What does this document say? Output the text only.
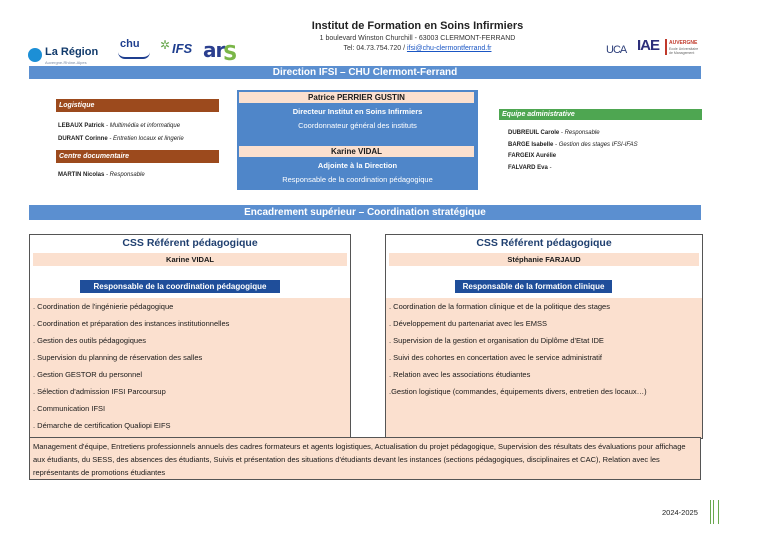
La Région
Auvergne-Rhône-Alpes
chu ✲ IFS ar
S
Institut de Formation en Soins Infirmiers
1 boulevard Winston Churchill - 63003 CLERMONT-FERRAND
Tel: 04.73.754.720 / ifsi@chu-clermontferrand.fr	UCA IAE AUVERGNE
Ecole Universitaire de Management
Direction IFSI – CHU Clermont-Ferrand
Logistique
LEBAUX Patrick - Multimédia et informatique
DURANT Corinne - Entretien locaux et lingerie
Centre documentaire
MARTIN Nicolas - Responsable
Patrice PERRIER GUSTIN
Directeur Institut en Soins Infirmiers
Coordonnateur général des instituts
Karine VIDAL
Adjointe à la Direction
Responsable de la coordination pédagogique
Equipe administrative
DUBREUIL Carole - Responsable
BARGE Isabelle - Gestion des stages IFSI-IFAS
FARGEIX Aurélie
FALVARD Eva -
Encadrement supérieur – Coordination stratégique
CSS Référent pédagogique
Karine VIDAL
Responsable de la coordination pédagogique
. Coordination de l'ingénierie pédagogique
. Coordination et préparation des instances institutionnelles
. Gestion des outils pédagogiques
. Supervision du planning de réservation des salles
. Gestion GESTOR du personnel
. Sélection d'admission IFSI Parcoursup
. Communication IFSI
. Démarche de certification Qualiopi EIFS
CSS Référent pédagogique
Stéphanie FARJAUD
Responsable de la formation clinique
. Coordination de la formation clinique et de la politique des stages
. Développement du partenariat avec les EMSS
. Supervision de la gestion et organisation du Diplôme d'Etat IDE
. Suivi des cohortes en concertation avec le service administratif
. Relation avec les associations étudiantes
.Gestion logistique (commandes, équipements divers, entretien des locaux…)
Management d'équipe, Entretiens professionnels annuels des cadres formateurs et agents logistiques, Actualisation du projet pédagogique, Supervision des résultats des évaluations pour affichage aux étudiants, du SESS, des absences des étudiants, Suivis et présentation des situations d'étudiants devant les instances (sections pédagogiques, disciplinaires et CAC), Relation avec les représentants de promotions étudiantes
2024-2025
